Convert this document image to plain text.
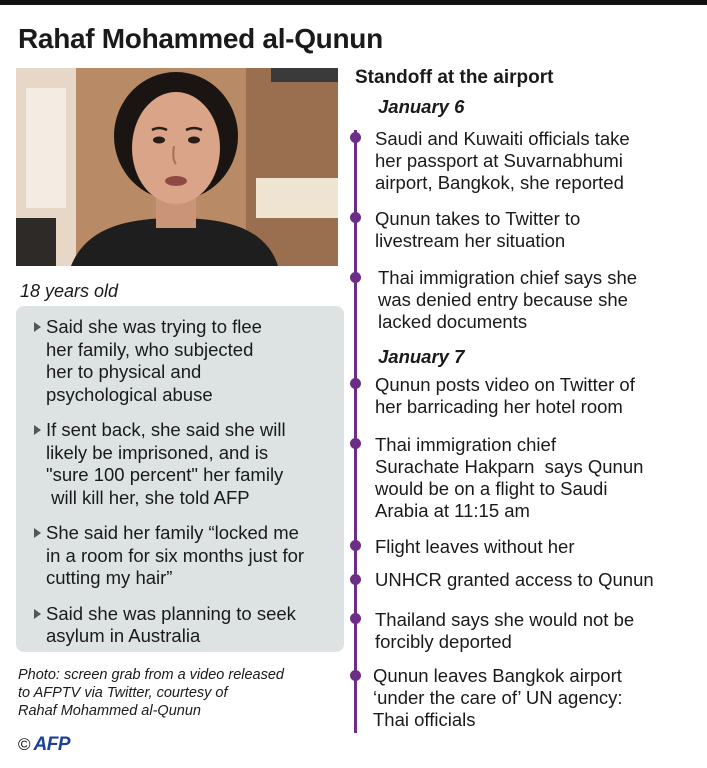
Rahaf Mohammed al-Qunun
18 years old
Said she was trying to flee
her family, who subjected
her to physical and
psychological abuse
If sent back, she said she will
likely be imprisoned, and is
"sure 100 percent" her family
will kill her, she told AFP
She said her family “locked me
in a room for six months just for
cutting my hair”
Said she was planning to seek
asylum in Australia
Photo: screen grab from a video released
to AFPTV via Twitter, courtesy of
Rahaf Mohammed al-Qunun
© AFP
Standoff at the airport
January 6
Saudi and Kuwaiti officials take
her passport at Suvarnabhumi
airport, Bangkok, she reported
Qunun takes to Twitter to
livestream her situation
Thai immigration chief says she
was denied entry because she
lacked documents
January 7
Qunun posts video on Twitter of
her barricading her hotel room
Thai immigration chief
Surachate Hakparn  says Qunun
would be on a flight to Saudi
Arabia at 11:15 am
Flight leaves without her
UNHCR granted access to Qunun
Thailand says she would not be
forcibly deported
Qunun leaves Bangkok airport
‘under the care of’ UN agency:
Thai officials
